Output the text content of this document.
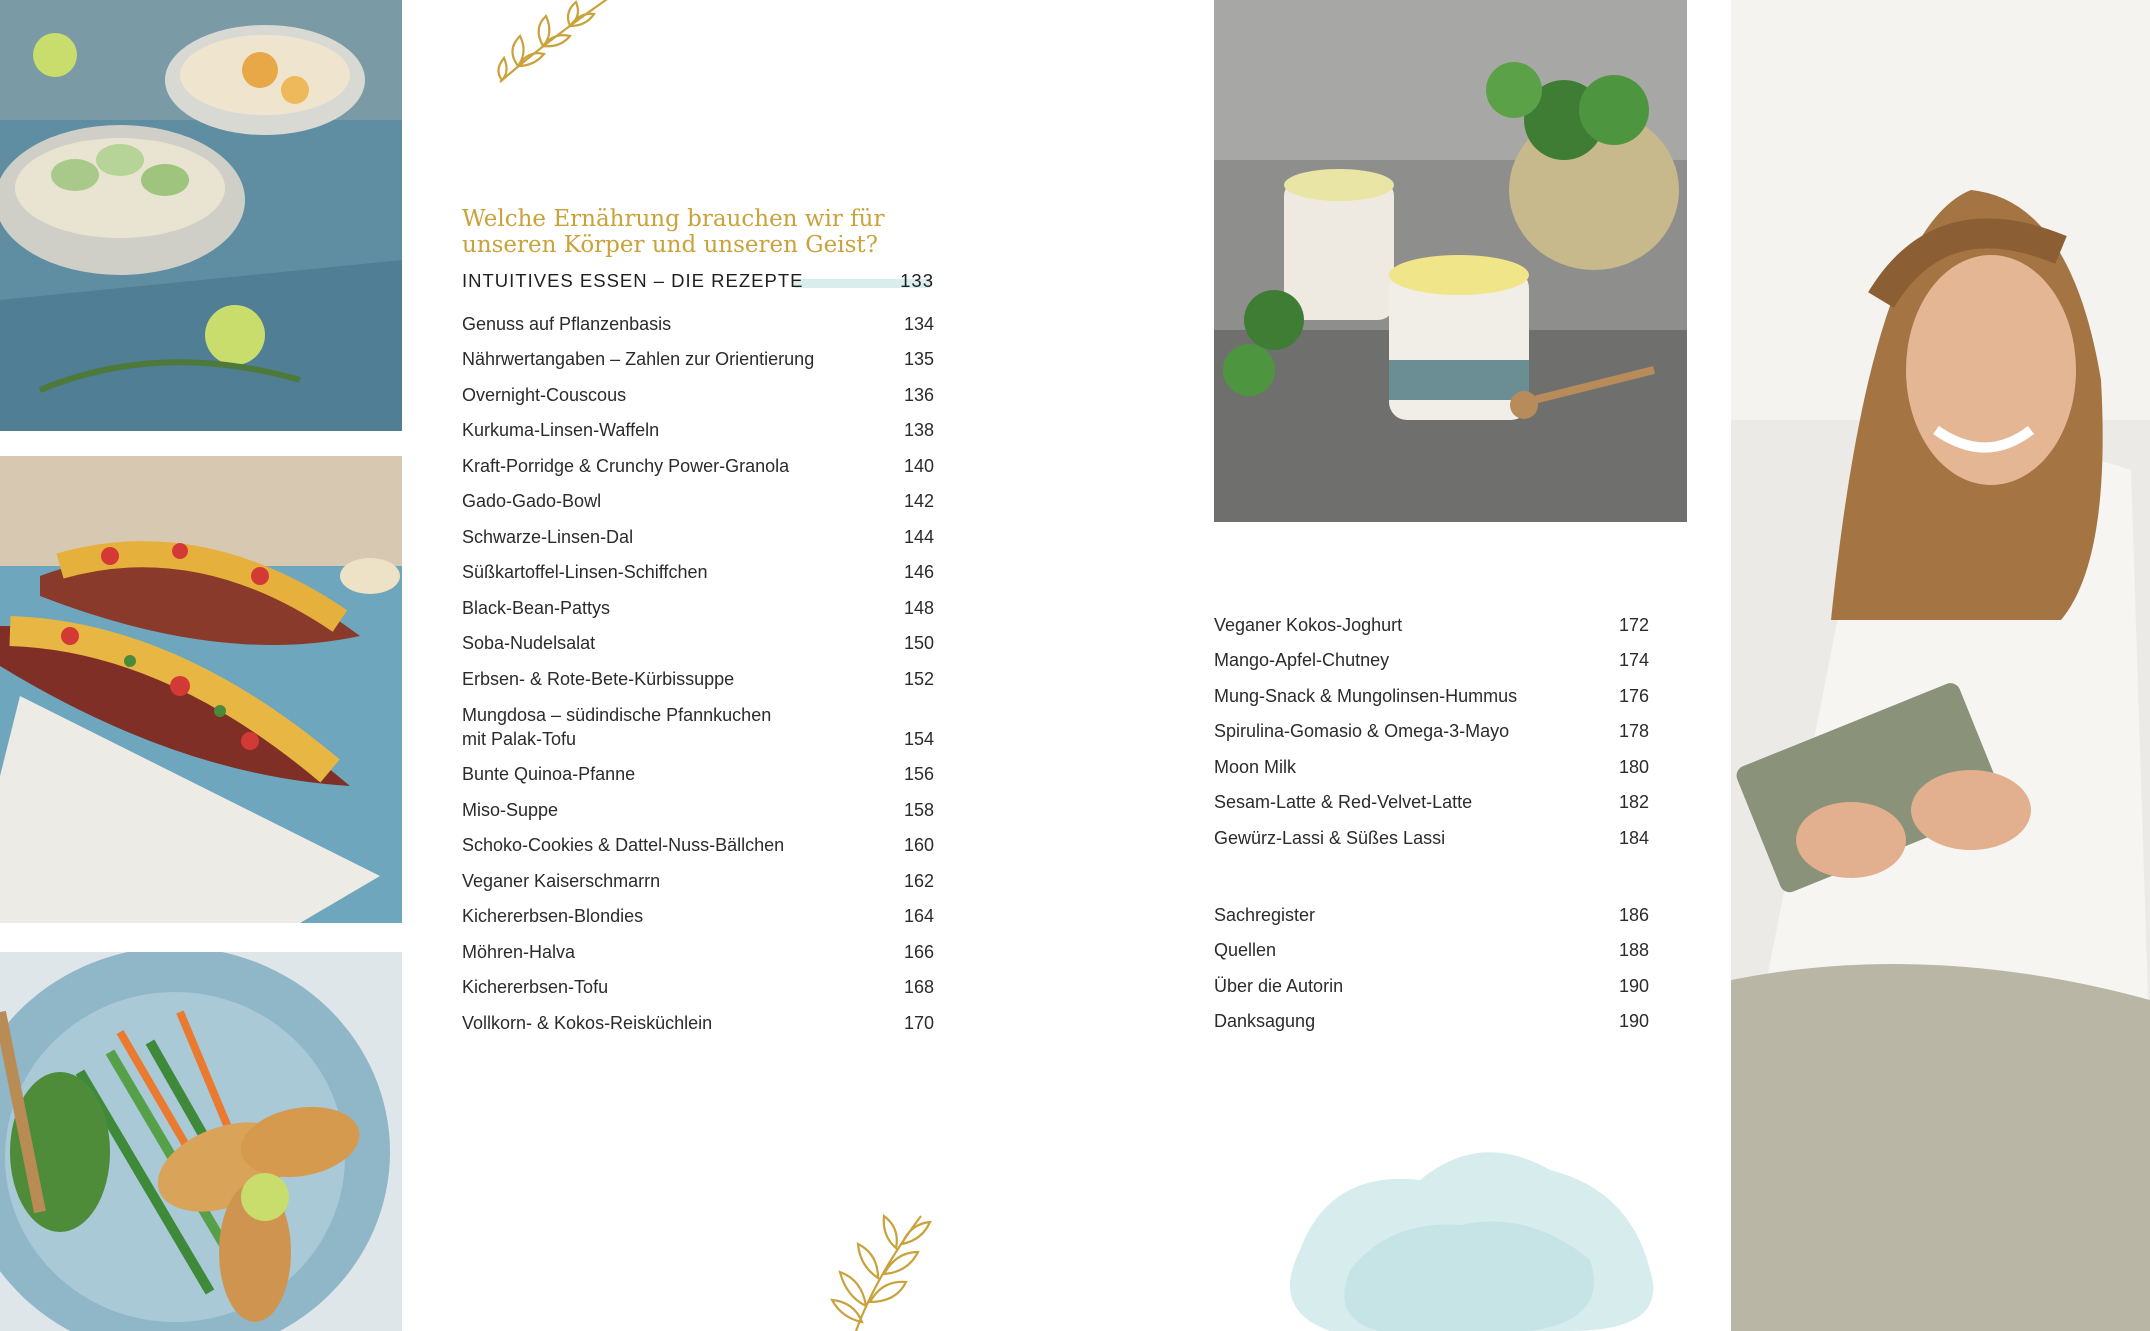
Welche Ernährung brauchen wir für unseren Körper und unseren Geist?
INTUITIVES ESSEN – DIE REZEPTE	133
Genuss auf Pflanzenbasis	134
Nährwertangaben – Zahlen zur Orientierung	135
Overnight-Couscous	136
Kurkuma-Linsen-Waffeln	138
Kraft-Porridge & Crunchy Power-Granola	140
Gado-Gado-Bowl	142
Schwarze-Linsen-Dal	144
Süßkartoffel-Linsen-Schiffchen	146
Black-Bean-Pattys	148
Soba-Nudelsalat	150
Erbsen- & Rote-Bete-Kürbissuppe	152
Mungdosa – südindische Pfannkuchen mit Palak-Tofu	154
Bunte Quinoa-Pfanne	156
Miso-Suppe	158
Schoko-Cookies & Dattel-Nuss-Bällchen	160
Veganer Kaiserschmarrn	162
Kichererbsen-Blondies	164
Möhren-Halva	166
Kichererbsen-Tofu	168
Vollkorn- & Kokos-Reisküchlein	170
Veganer Kokos-Joghurt	172
Mango-Apfel-Chutney	174
Mung-Snack & Mungolinsen-Hummus	176
Spirulina-Gomasio & Omega-3-Mayo	178
Moon Milk	180
Sesam-Latte & Red-Velvet-Latte	182
Gewürz-Lassi & Süßes Lassi	184
Sachregister	186
Quellen	188
Über die Autorin	190
Danksagung	190
